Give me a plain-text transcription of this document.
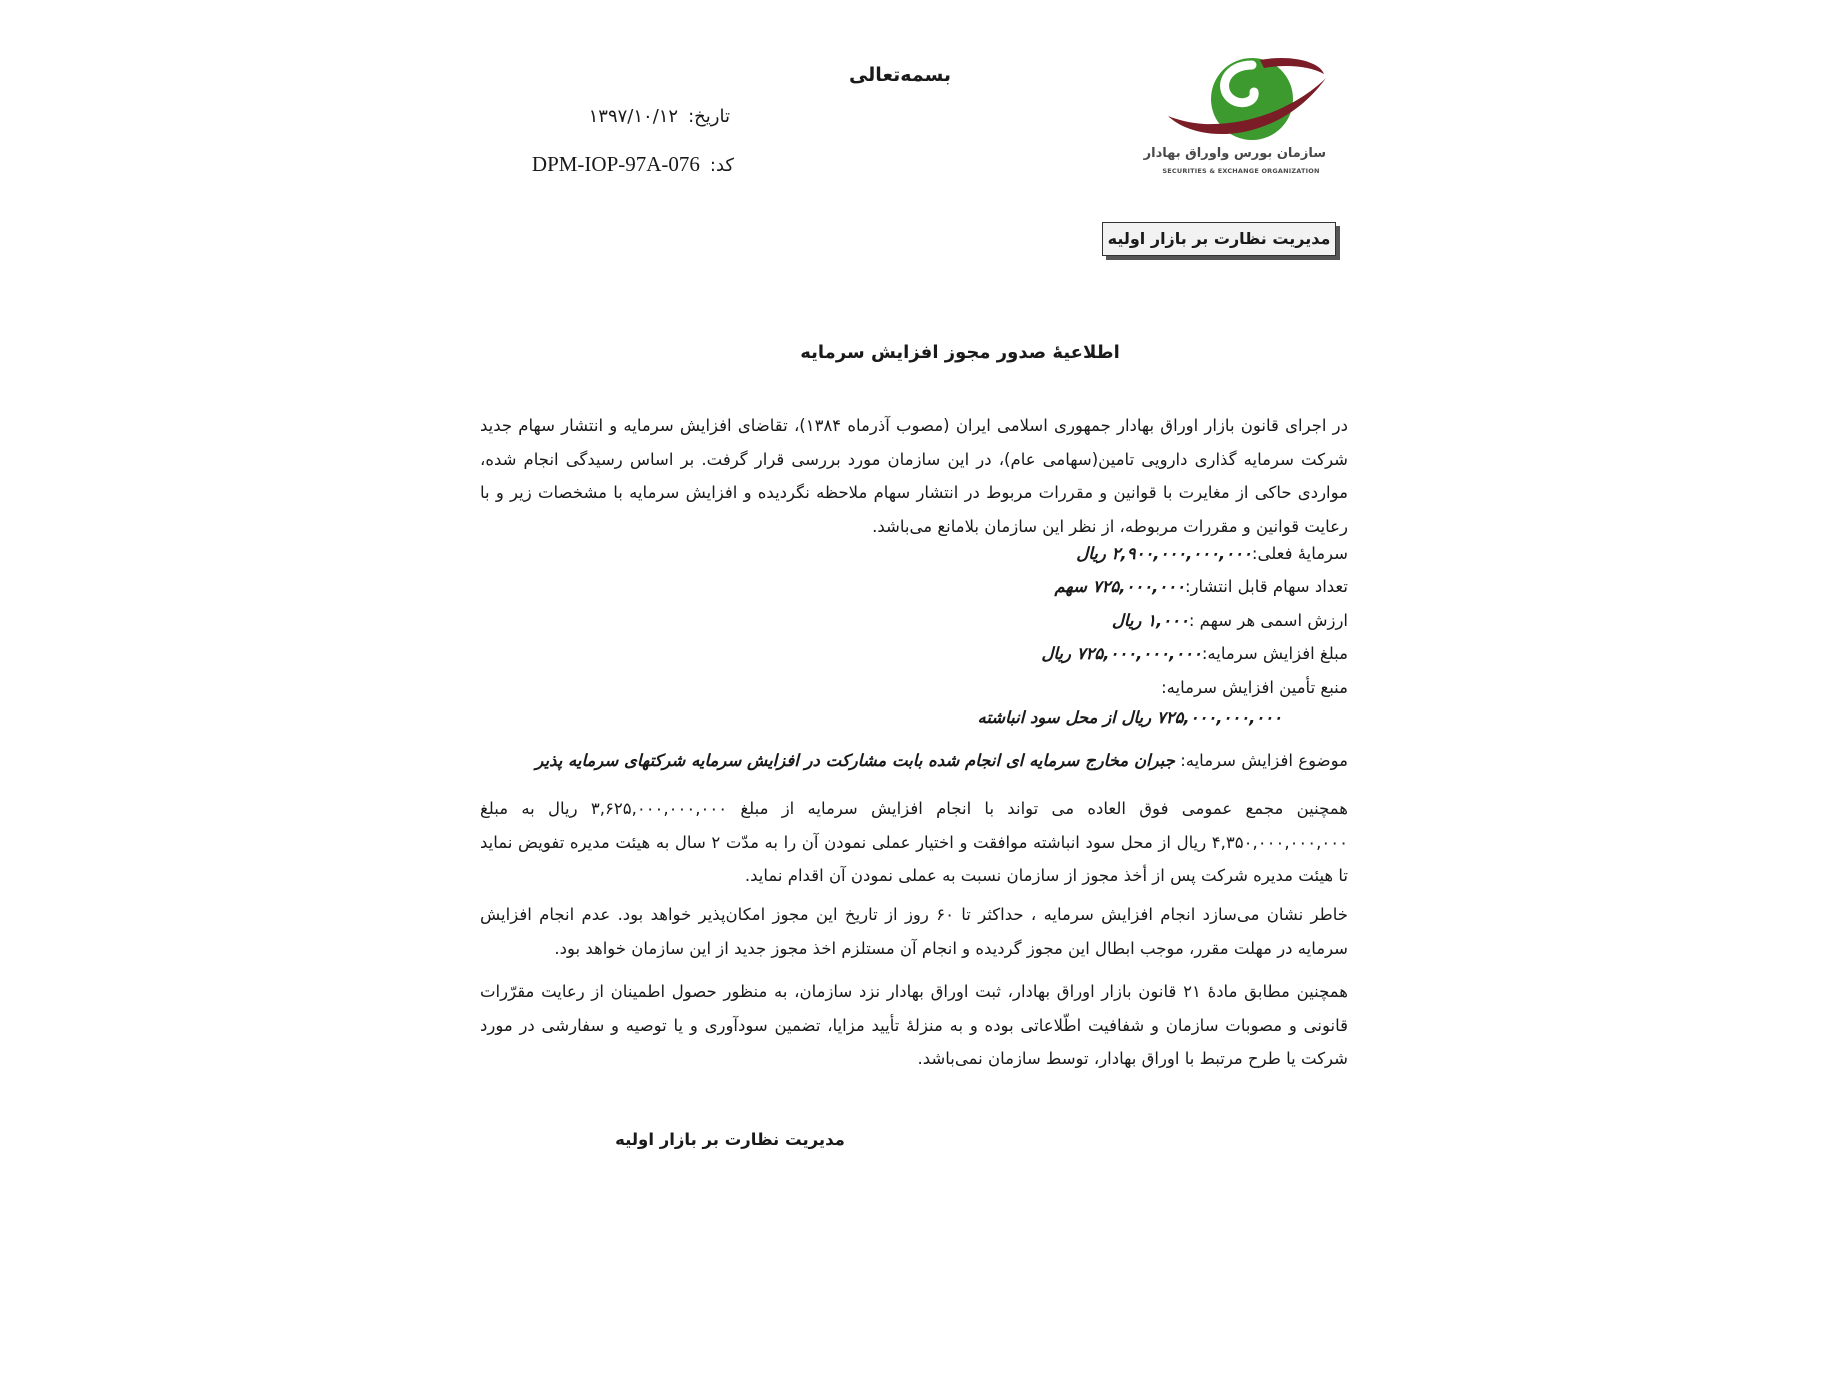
سازمان بورس واوراق بهادار
SECURITIES & EXCHANGE ORGANIZATION
بسمه‌تعالی
تاریخ:۱۳۹۷/۱۰/۱۲
کد:DPM-IOP-97A-076
مدیریت نظارت بر بازار اولیه
اطلاعیهٔ صدور مجوز افزایش سرمایه
در اجرای قانون بازار اوراق بهادار جمهوری اسلامی ایران (مصوب آذرماه ۱۳۸۴)، تقاضای افزایش سرمایه و انتشار سهام جدید شرکت سرمایه گذاری دارویی تامین(سهامی عام)، در این سازمان مورد بررسی قرار گرفت. بر اساس رسیدگی انجام شده، مواردی حاکی از مغایرت با قوانین و مقررات مربوط در انتشار سهام ملاحظه نگردیده و افزایش سرمایه با مشخصات زیر و با رعایت قوانین و مقررات مربوطه، از نظر این سازمان بلامانع می‌باشد.
سرمایهٔ فعلی:۲,۹۰۰,۰۰۰,۰۰۰,۰۰۰ ریال
تعداد سهام قابل انتشار:۷۲۵,۰۰۰,۰۰۰ سهم
ارزش اسمی هر سهم :۱,۰۰۰ ریال
مبلغ افزایش سرمایه:۷۲۵,۰۰۰,۰۰۰,۰۰۰ ریال
منبع تأمین افزایش سرمایه:
۷۲۵,۰۰۰,۰۰۰,۰۰۰ ریال از محل سود انباشته
موضوع افزایش سرمایه: جبران مخارج سرمایه ای انجام شده بابت مشارکت در افزایش سرمایه شرکتهای سرمایه پذیر
همچنین مجمع عمومی فوق العاده می تواند با انجام افزایش سرمایه از مبلغ ۳,۶۲۵,۰۰۰,۰۰۰,۰۰۰ ریال به مبلغ ۴,۳۵۰,۰۰۰,۰۰۰,۰۰۰ ریال از محل سود انباشته موافقت و اختیار عملی نمودن آن را به مدّت ۲ سال به هیئت مدیره تفویض نماید تا هیئت مدیره شرکت پس از أخذ مجوز از سازمان نسبت به عملی نمودن آن اقدام نماید.
خاطر نشان می‌سازد انجام افزایش سرمایه ، حداکثر تا ۶۰ روز از تاریخ این مجوز امکان‌پذیر خواهد بود. عدم انجام افزایش سرمایه در مهلت مقرر، موجب ابطال این مجوز گردیده و انجام آن مستلزم اخذ مجوز جدید از این سازمان خواهد بود.
همچنین مطابق مادهٔ ۲۱ قانون بازار اوراق بهادار، ثبت اوراق بهادار نزد سازمان، به منظور حصول اطمینان از رعایت مقرّرات قانونی و مصوبات سازمان و شفافیت اطّلاعاتی بوده و به منزلهٔ تأیید مزایا، تضمین سودآوری و یا توصیه و سفارشی در مورد شرکت یا طرح مرتبط با اوراق بهادار، توسط سازمان نمی‌باشد.
مدیریت نظارت بر بازار اولیه
